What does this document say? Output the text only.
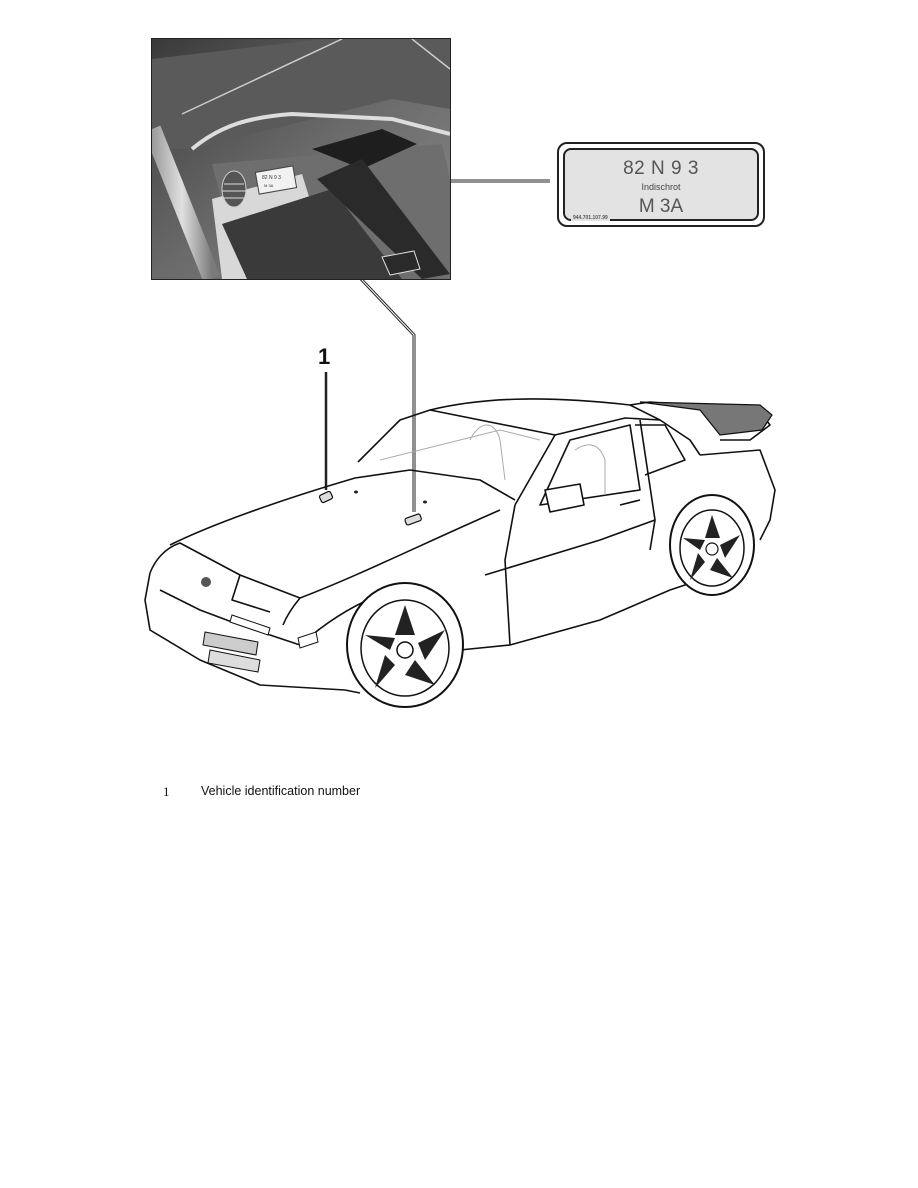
82 N 9 3
M 3A
82 N 9 3
Indischrot
M 3A
944.701.107.99
1
1	Vehicle identification number
